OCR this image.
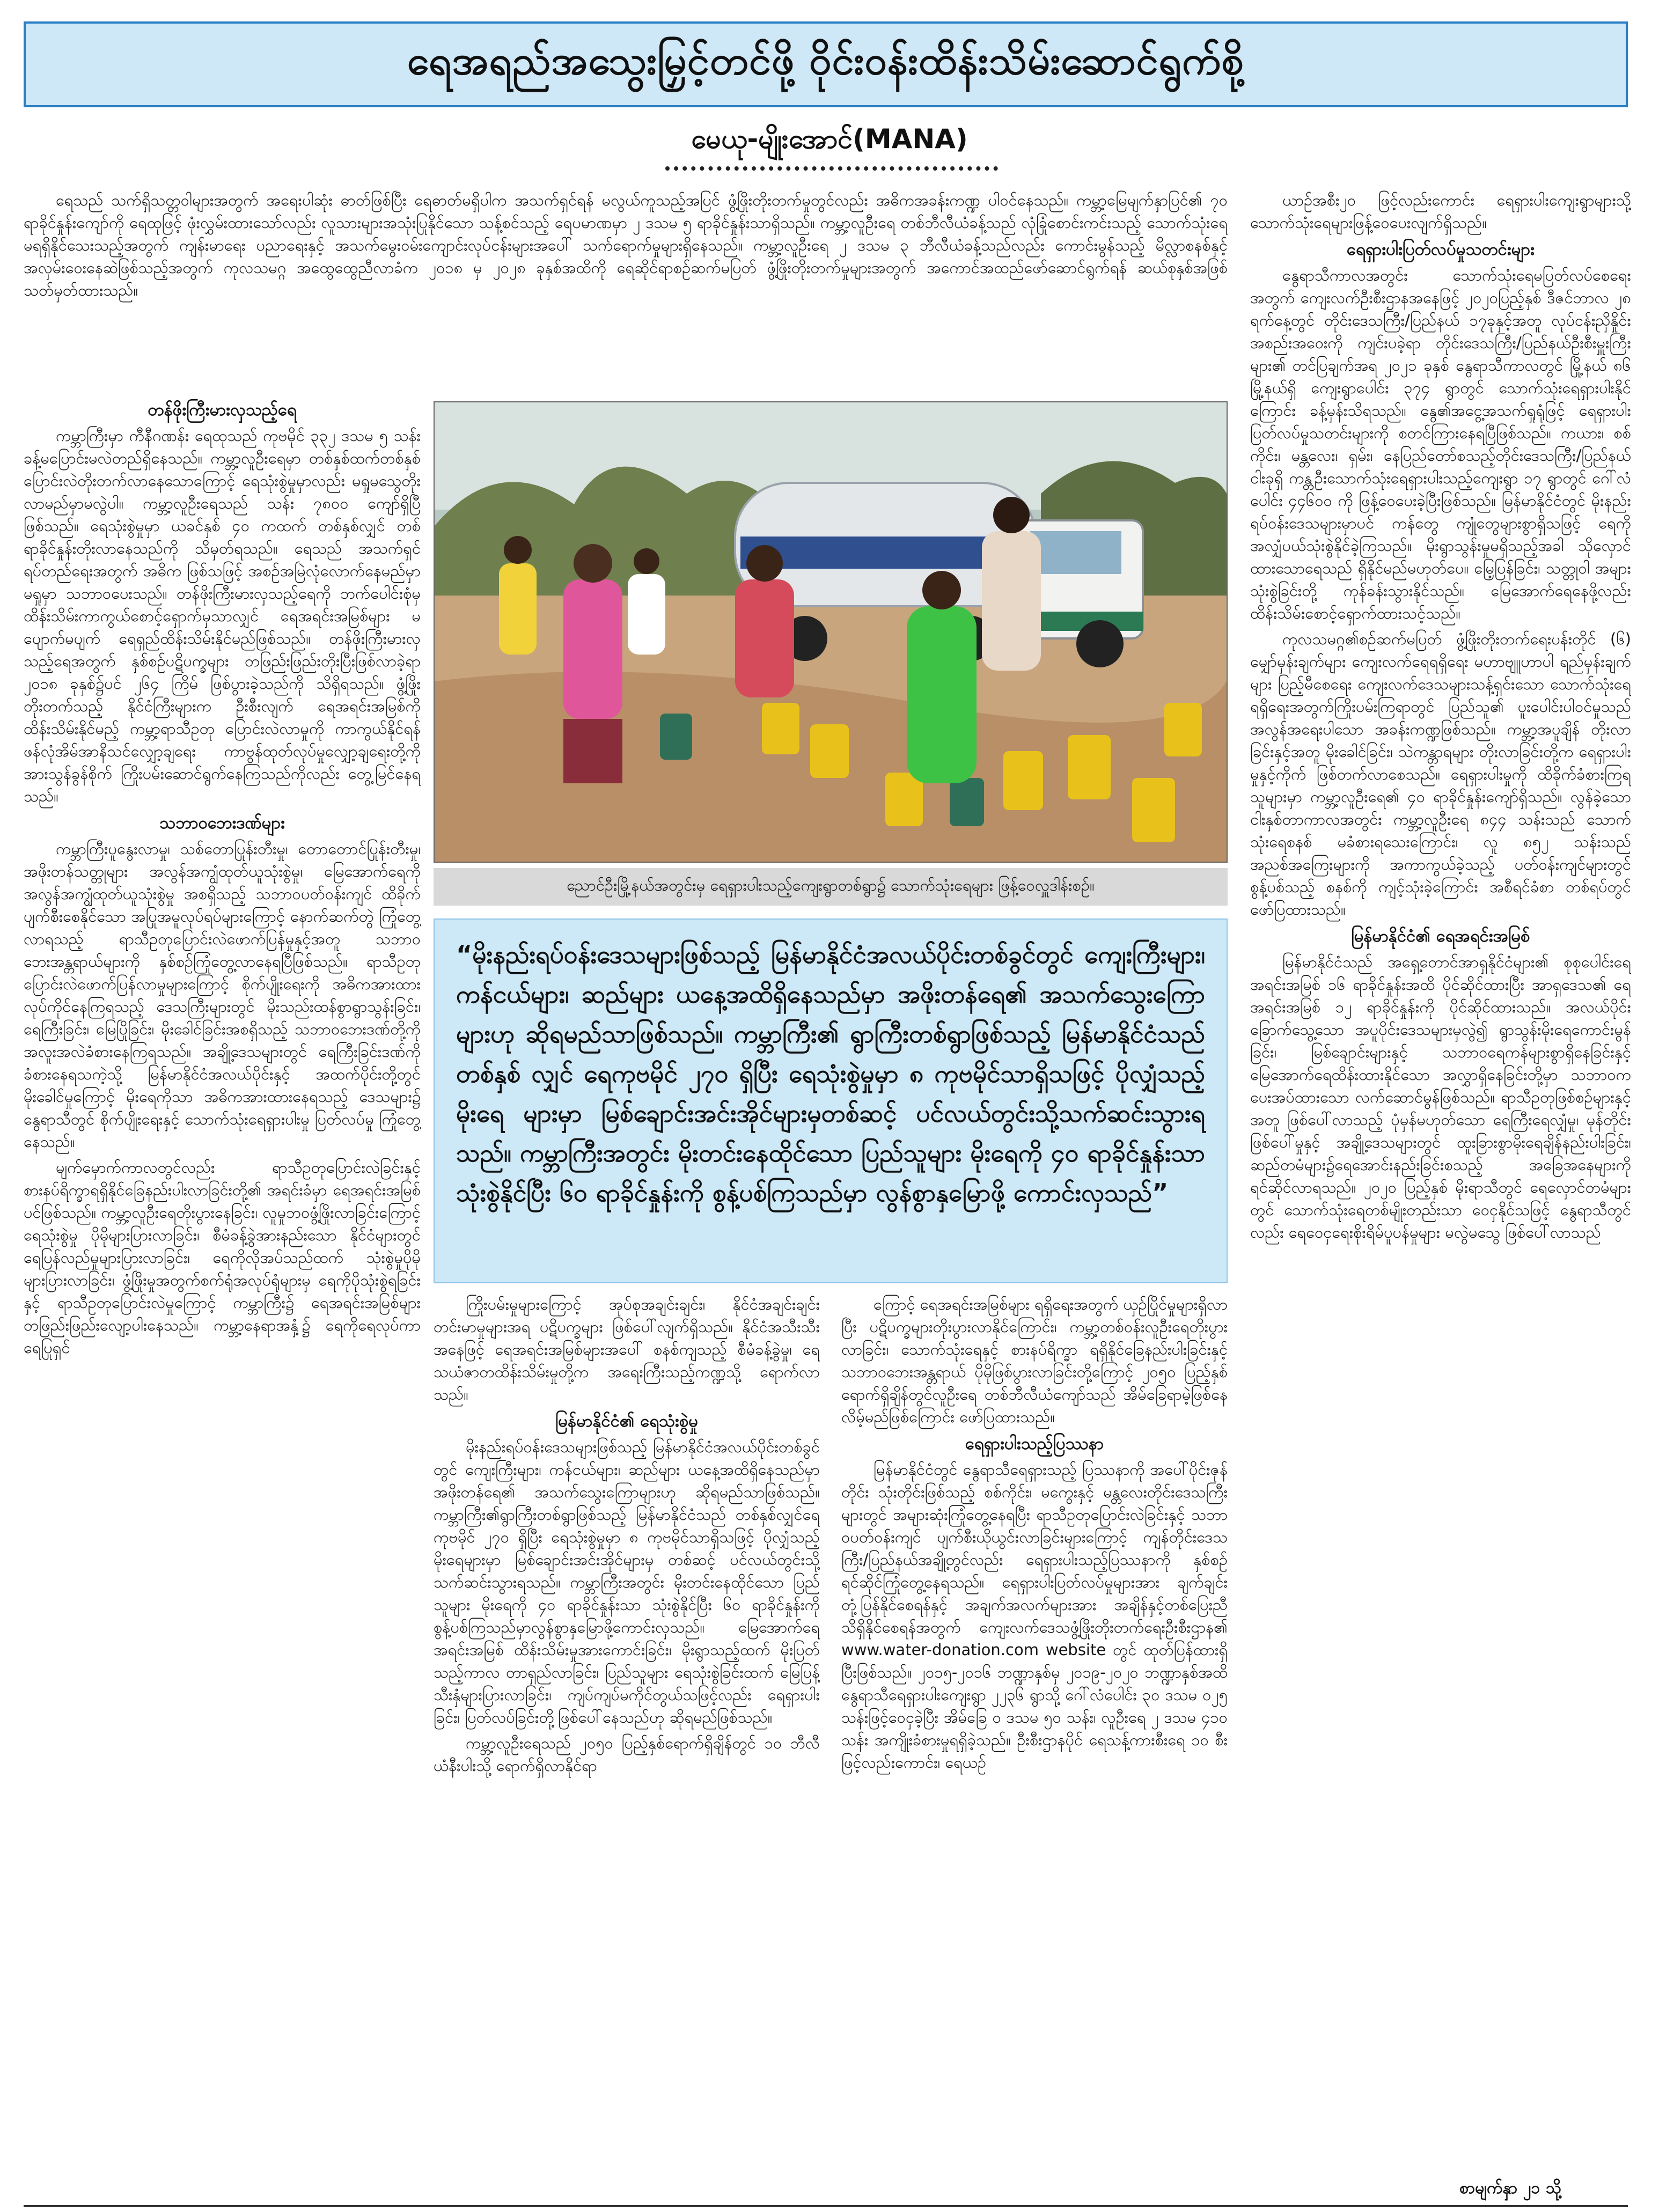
ရေအရည်အသွေးမြှင့်တင်ဖို့ ဝိုင်းဝန်းထိန်းသိမ်းဆောင်ရွက်စို့
မေယု-မျိုးအောင်(MANA)

ရေသည် သက်ရှိသတ္တဝါများအတွက် အရေးပါဆုံး ဓာတ်ဖြစ်ပြီး ရေဓာတ်မရှိပါက အသက်ရှင်ရန် မလွယ်ကူသည့်အပြင် ဖွံ့ဖြိုးတိုးတက်မှုတွင်လည်း အဓိကအခန်းကဏ္ဍ ပါဝင်နေသည်။ ကမ္ဘာ့မြေမျက်နှာပြင်၏ ၇၀ ရာခိုင်နှုန်းကျော်ကို ရေထုဖြင့် ဖုံးလွှမ်းထားသော်လည်း လူသားများအသုံးပြုနိုင်သော သန့်စင်သည့် ရေပမာဏမှာ ၂ ဒသမ ၅ ရာခိုင်နှုန်းသာရှိသည်။ ကမ္ဘာ့လူဦးရေ တစ်ဘီလီယံခန့်သည် လုံခြုံစောင်းကင်းသည့် သောက်သုံးရေ မရရှိနိုင်သေးသည့်အတွက် ကျန်းမာရေး ပညာရေးနှင့် အသက်မွေးဝမ်းကျောင်းလုပ်ငန်းများအပေါ် သက်ရောက်မှုများရှိနေသည်။ ကမ္ဘာ့လူဦးရေ ၂ ဒသမ ၃ ဘီလီယံခန့်သည်လည်း ကောင်းမွန်သည့် မိလ္လာစနစ်နှင့် အလှမ်းဝေးနေဆဲဖြစ်သည့်အတွက် ကုလသမဂ္ဂ အထွေထွေညီလာခံက ၂၀၁၈ မှ ၂၀၂၈ ခုနှစ်အထိကို ရေဆိုင်ရာစဉ်ဆက်မပြတ် ဖွံ့ဖြိုးတိုးတက်မှုများအတွက် အကောင်အထည်ဖော်ဆောင်ရွက်ရန် ဆယ်စုနှစ်အဖြစ် သတ်မှတ်ထားသည်။

တန်ဖိုးကြီးမားလှသည့်ရေ

ကမ္ဘာကြီးမှာ ကီနီဂဏန်း ရေထုသည် ကုဗမိုင် ၃၃၂ ဒသမ ၅ သန်း ခန့်မပြောင်းမလဲတည်ရှိနေသည်။ ကမ္ဘာ့လူဦးရေမှာ တစ်နှစ်ထက်တစ်နှစ် ပြောင်းလဲတိုးတက်လာနေသောကြောင့် ရေသုံးစွဲမှုမှာလည်း မရှုမသွေတိုးလာမည်မှာမလွဲပါ။ ကမ္ဘာ့လူဦးရေသည် သန်း ၇၈၀၀ ကျော်ရှိပြီ ဖြစ်သည်။ ရေသုံးစွဲမှုမှာ ယခင်နှစ် ၄၀ ကထက် တစ်နှစ်လျှင် တစ်ရာခိုင်နှုန်းတိုးလာနေသည်ကို သိမှတ်ရသည်။ ရေသည် အသက်ရှင်ရပ်တည်ရေးအတွက် အဓိက ဖြစ်သဖြင့် အစဉ်အမြဲလုံလောက်နေမည်မှာ မရှုမှာ သဘာဝပေးသည်။ တန်ဖိုးကြီးမားလှသည့်ရေကို ဘက်ပေါင်းစုံမှ ထိန်းသိမ်းကာကွယ်စောင့်ရှောက်မှသာလျှင် ရေအရင်းအမြစ်များ မပျောက်မပျက် ရေရှည်ထိန်းသိမ်းနိုင်မည်ဖြစ်သည်။ တန်ဖိုးကြီးမားလှသည့်ရေအတွက် နှစ်စဉ်ပဋိပက္ခများ တဖြည်းဖြည်းတိုးပြီးဖြစ်လာခဲ့ရာ ၂၀၁၈ ခုနှစ်၌ပင် ၂၆၄ ကြိမ် ဖြစ်ပွားခဲ့သည်ကို သိရှိရသည်။ ဖွံ့ဖြိုးတိုးတက်သည့် နိုင်ငံကြီးများက ဦးစီးလျက် ရေအရင်းအမြစ်ကို ထိန်းသိမ်းနိုင်မည့် ကမ္ဘာ့ရာသီဥတု ပြောင်းလဲလာမှုကို ကာကွယ်နိုင်ရန် ဖန်လုံအိမ်အာနိသင်လျှော့ချရေး ကာဗွန်ထုတ်လုပ်မှုလျှော့ချရေးတို့ကို အားသွန်ခွန်စိုက် ကြိုးပမ်းဆောင်ရွက်နေကြသည်ကိုလည်း တွေ့မြင်နေရသည်။

သဘာဝဘေးဒဏ်များ

ကမ္ဘာကြီးပူနွေးလာမှု၊ သစ်တောပြုန်းတီးမှု၊ တောတောင်ပြုန်းတီးမှု၊ အဖိုးတန်သတ္တုများ အလွန်အကျွံထုတ်ယူသုံးစွဲမှု၊ မြေအောက်ရေကို အလွန်အကျွံထုတ်ယူသုံးစွဲမှု အစရှိသည့် သဘာဝပတ်ဝန်းကျင် ထိခိုက်ပျက်စီးစေနိုင်သော အပြုအမူလုပ်ရပ်များကြောင့် နောက်ဆက်တွဲ ကြုံတွေ့လာရသည့် ရာသီဥတုပြောင်းလဲဖောက်ပြန်မှုနှင့်အတူ သဘာဝဘေးအန္တရာယ်များကို နှစ်စဉ်ကြုံတွေ့လာနေရပြီဖြစ်သည်။ ရာသီဥတုပြောင်းလဲဖောက်ပြန်လာမှုများကြောင့် စိုက်ပျိုးရေးကို အဓိကအားထား လုပ်ကိုင်နေကြရသည့် ဒေသကြီးများတွင် မိုးသည်းထန်စွာရွာသွန်းခြင်း၊ ရေကြီးခြင်း၊ မြေပြိုခြင်း၊ မိုးခေါင်ခြင်းအစရှိသည့် သဘာဝဘေးဒဏ်တို့ကို အလူးအလဲခံစားနေကြရသည်။ အချို့ဒေသများတွင် ရေကြီးခြင်းဒဏ်ကို ခံစားနေရသကဲ့သို့ မြန်မာနိုင်ငံအလယ်ပိုင်းနှင့် အထက်ပိုင်းတို့တွင် မိုးခေါင်မှုကြောင့် မိုးရေကိုသာ အဓိကအားထားနေရသည့် ဒေသများ၌ နွေရာသီတွင် စိုက်ပျိုးရေးနှင့် သောက်သုံးရေရှားပါးမှု ပြတ်လပ်မှု ကြုံတွေ့နေသည်။

မျက်မှောက်ကာလတွင်လည်း ရာသီဥတုပြောင်းလဲခြင်းနှင့် စားနပ်ရိက္ခာရရှိနိုင်ခြေနည်းပါးလာခြင်းတို့၏ အရင်းခံမှာ ရေအရင်းအမြစ်ပင်ဖြစ်သည်။ ကမ္ဘာ့လူဦးရေတိုးပွားနေခြင်း၊ လူမှုဘဝဖွံ့ဖြိုးလာခြင်းကြောင့် ရေသုံးစွဲမှု ပိုမိုများပြားလာခြင်း၊ စီမံခန့်ခွဲအားနည်းသော နိုင်ငံများတွင်ရေပြန်လည်မှုများပြားလာခြင်း၊ ရေကိုလိုအပ်သည်ထက် သုံးစွဲမှုပိုမိုများပြားလာခြင်း၊ ဖွံ့ဖြိုးမှုအတွက်စက်ရုံအလုပ်ရုံများမှ ရေကိုပိုသုံးစွဲရခြင်းနှင့် ရာသီဥတုပြောင်းလဲမှုကြောင့် ကမ္ဘာကြီး၌ ရေအရင်းအမြစ်များ တဖြည်းဖြည်းလျော့ပါးနေသည်။ ကမ္ဘာ့နေရာအနှံ့၌ ရေကိုရေလုပ်ကာ ရေပြုရှင်

ညောင်ဦးမြို့နယ်အတွင်းမှ ရေရှားပါးသည့်ကျေးရွာတစ်ရွာ၌ သောက်သုံးရေများ ဖြန့်ဝေလှူဒါန်းစဉ်။
“မိုးနည်းရပ်ဝန်းဒေသများဖြစ်သည့် မြန်မာနိုင်ငံအလယ်ပိုင်းတစ်ခွင်တွင် ကျေးကြီးများ၊ ကန်ငယ်များ၊ ဆည်များ ယနေ့အထိရှိနေသည်မှာ အဖိုးတန်ရေ၏ အသက်သွေးကြောများဟု ဆိုရမည်သာဖြစ်သည်။ ကမ္ဘာကြီး၏ ရွာကြီးတစ်ရွာဖြစ်သည့် မြန်မာနိုင်ငံသည် တစ်နှစ် လျှင် ရေကုဗမိုင် ၂၇၀ ရှိပြီး ရေသုံးစွဲမှုမှာ ၈ ကုဗမိုင်သာရှိသဖြင့် ပိုလျှံသည့် မိုးရေ များမှာ မြစ်ချောင်းအင်းအိုင်များမှတစ်ဆင့် ပင်လယ်တွင်းသို့သက်ဆင်းသွားရသည်။ ကမ္ဘာကြီးအတွင်း မိုးတင်းနေထိုင်သော ပြည်သူများ မိုးရေကို ၄၀ ရာခိုင်နှုန်းသာ သုံးစွဲနိုင်ပြီး ၆၀ ရာခိုင်နှုန်းကို စွန့်ပစ်ကြသည်မှာ လွန်စွာနှမြောဖို့ ကောင်းလှသည်”

ကြိုးပမ်းမှုများကြောင့် အုပ်စုအချင်းချင်း၊ နိုင်ငံအချင်းချင်းတင်းမာမှုများအရ ပဋိပက္ခများ ဖြစ်ပေါ်လျက်ရှိသည်။ နိုင်ငံအသီးသီးအနေဖြင့် ရေအရင်းအမြစ်များအပေါ် စနစ်ကျသည့် စီမံခန့်ခွဲမှု၊ ရေသယံဇာတထိန်းသိမ်းမှုတို့က အရေးကြီးသည့်ကဏ္ဍသို့ ရောက်လာသည်။

မြန်မာနိုင်ငံ၏ ရေသုံးစွဲမှု

မိုးနည်းရပ်ဝန်းဒေသများဖြစ်သည့် မြန်မာနိုင်ငံအလယ်ပိုင်းတစ်ခွင်တွင် ကျေးကြီးများ၊ ကန်ငယ်များ၊ ဆည်များ ယနေ့အထိရှိနေသည်မှာ အဖိုးတန်ရေ၏ အသက်သွေးကြောများဟု ဆိုရမည်သာဖြစ်သည်။ ကမ္ဘာကြီး၏ရွာကြီးတစ်ရွာဖြစ်သည့် မြန်မာနိုင်ငံသည် တစ်နှစ်လျှင်ရေကုဗမိုင် ၂၇၀ ရှိပြီး ရေသုံးစွဲမှုမှာ ၈ ကုဗမိုင်သာရှိသဖြင့် ပိုလျှံသည့် မိုးရေများမှာ မြစ်ချောင်းအင်းအိုင်များမှ တစ်ဆင့် ပင်လယ်တွင်းသို့သက်ဆင်းသွားရသည်။ ကမ္ဘာကြီးအတွင်း မိုးတင်းနေထိုင်သော ပြည်သူများ မိုးရေကို ၄၀ ရာခိုင်နှုန်းသာ သုံးစွဲနိုင်ပြီး ၆၀ ရာခိုင်နှုန်းကို စွန့်ပစ်ကြသည်မှာလွန်စွာနှမြောဖို့ကောင်းလှသည်။ မြေအောက်ရေအရင်းအမြစ် ထိန်းသိမ်းမှုအားကောင်းခြင်း၊ မိုးရွာသည့်ထက် မိုးပြတ်သည့်ကာလ တာရှည်လာခြင်း၊ ပြည်သူများ ရေသုံးစွဲခြင်းထက် မြေပြန့်သီးနှံများပြားလာခြင်း၊ ကျပ်ကျပ်မကိုင်တွယ်သဖြင့်လည်း ရေရှားပါးခြင်း၊ ပြတ်လပ်ခြင်းတို့ဖြစ်ပေါ်နေသည်ဟု ဆိုရမည်ဖြစ်သည်။

ကမ္ဘာ့လူဦးရေသည် ၂၀၅၀ ပြည့်နှစ်ရောက်ရှိချိန်တွင် ၁၀ ဘီလီယံနီးပါးသို့ ရောက်ရှိလာနိုင်ရာ

ကြောင့် ရေအရင်းအမြစ်များ ရရှိရေးအတွက် ယှဉ်ပြိုင်မှုများရှိလာပြီး ပဋိပက္ခများတိုးပွားလာနိုင်ကြောင်း၊ ကမ္ဘာ့တစ်ဝန်းလူဦးရေတိုးပွားလာခြင်း၊ သောက်သုံးရေနှင့် စားနပ်ရိက္ခာ ရရှိနိုင်ခြေနည်းပါးခြင်းနှင့် သဘာဝဘေးအန္တရာယ် ပိုမိုဖြစ်ပွားလာခြင်းတို့ကြောင့် ၂၀၅၀ ပြည့်နှစ် ရောက်ရှိချိန်တွင်လူဦးရေ တစ်ဘီလီယံကျော်သည် အိမ်ခြေရာမဲ့ဖြစ်နေလိမ့်မည်ဖြစ်ကြောင်း ဖော်ပြထားသည်။

ရေရှားပါးသည့်ပြဿနာ

မြန်မာနိုင်ငံတွင် နွေရာသီရေရှားသည့် ပြဿနာကို အပေါ်ပိုင်းဇုန်တိုင်း သုံးတိုင်းဖြစ်သည့် စစ်ကိုင်း၊ မကွေးနှင့် မန္တလေးတိုင်းဒေသကြီးများတွင် အများဆုံးကြုံတွေ့နေရပြီး ရာသီဥတုပြောင်းလဲခြင်းနှင့် သဘာဝပတ်ဝန်းကျင် ပျက်စီးယိုယွင်းလာခြင်းများကြောင့် ကျန်တိုင်းဒေသကြီး/ပြည်နယ်အချို့တွင်လည်း ရေရှားပါးသည့်ပြဿနာကို နှစ်စဉ်ရင်ဆိုင်ကြုံတွေ့နေရသည်။ ရေရှားပါးပြတ်လပ်မှုများအား ချက်ချင်းတုံ့ပြန်နိုင်စေရန်နှင့် အချက်အလက်များအား အချိန်နှင့်တစ်ပြေးညီ သိရှိနိုင်စေရန်အတွက် ကျေးလက်ဒေသဖွံ့ဖြိုးတိုးတက်ရေးဦးစီးဌာန၏ www.water-donation.com website တွင် ထုတ်ပြန်ထားရှိပြီးဖြစ်သည်။ ၂၀၁၅-၂၀၁၆ ဘဏ္ဍာနှစ်မှ ၂၀၁၉-၂၀၂၀ ဘဏ္ဍာနှစ်အထိ နွေရာသီရေရှားပါးကျေးရွာ ၂၂၃၆ ရွာသို့ ဂေါ်လံပေါင်း ၃၀ ဒသမ ၀၂၅ သန်းဖြင့်ဝေငှခဲ့ပြီး အိမ်ခြေ ၀ ဒသမ ၅၀ သန်း၊ လူဦးရေ ၂ ဒသမ ၄၁၀ သန်း အကျိုးခံစားမှုရရှိခဲ့သည်။ ဦးစီးဌာနပိုင် ရေသန့်ကားစီးရေ ၁၀ စီးဖြင့်လည်းကောင်း၊ ရေယဉ်

ယာဉ်အစီး၂၀ ဖြင့်လည်းကောင်း ရေရှားပါးကျေးရွာများသို့ သောက်သုံးရေများဖြန့်ဝေပေးလျက်ရှိသည်။

ရေရှားပါးပြတ်လပ်မှုသတင်းများ

နွေရာသီကာလအတွင်း သောက်သုံးရေမပြတ်လပ်စေရေးအတွက် ကျေးလက်ဦးစီးဌာနအနေဖြင့် ၂၀၂၀ပြည့်နှစ် ဒီဇင်ဘာလ ၂၈ ရက်နေ့တွင် တိုင်းဒေသကြီး/ပြည်နယ် ၁၇ခုနှင့်အတူ လုပ်ငန်းညှိနှိုင်းအစည်းအဝေးကို ကျင်းပခဲ့ရာ တိုင်းဒေသကြီး/ပြည်နယ်ဦးစီးမှူးကြီးများ၏ တင်ပြချက်အရ ၂၀၂၁ ခုနှစ် နွေရာသီကာလတွင် မြို့နယ် ၈၆ မြို့နယ်ရှိ ကျေးရွာပေါင်း ၃၇၄ ရွာတွင် သောက်သုံးရေရှားပါးနိုင်ကြောင်း ခန့်မှန်းသိရသည်။ နွေ၏အငွေ့အသက်ရှုရုံဖြင့် ရေရှားပါးပြတ်လပ်မှုသတင်းများကို စတင်ကြားနေရပြီဖြစ်သည်။ ကယား၊ စစ်ကိုင်း၊ မန္တလေး၊ ရှမ်း၊ နေပြည်တော်စသည့်တိုင်းဒေသကြီး/ပြည်နယ်ငါးခုရှိ ကန္တဦးသောက်သုံးရေရှားပါးသည့်ကျေးရွာ ၁၇ ရွာတွင် ဂေါ်လံပေါင်း ၄၄၆၀၀ ကို ဖြန့်ဝေပေးခဲ့ပြီးဖြစ်သည်။ မြန်မာနိုင်ငံတွင် မိုးနည်းရပ်ဝန်းဒေသများမှာပင် ကန်တွေ ကျုံတွေများစွာရှိသဖြင့် ရေကိုအလျှံပယ်သုံးစွဲနိုင်ခဲ့ကြသည်။ မိုးရွာသွန်းမှုမရှိသည့်အခါ သိုလှောင်ထားသောရေသည် ရှိနိုင်မည်မဟုတ်ပေ။ မြေ့ပြန်ခြင်း၊ သတ္တုဝါ အများသုံးစွဲခြင်းတို့ ကုန်ခန်းသွားနိုင်သည်။ မြေအောက်ရေနေဖို့လည်း ထိန်းသိမ်းစောင့်ရှောက်ထားသင့်သည်။

ကုလသမဂ္ဂ၏စဉ်ဆက်မပြတ် ဖွံ့ဖြိုးတိုးတက်ရေးပန်းတိုင် (၆) မျှော်မှန်းချက်များ ကျေးလက်ရေရရှိရေး မဟာဗျူဟာပါ ရည်မှန်းချက်များ ပြည့်မီစေရေး ကျေးလက်ဒေသများသန့်ရှင်းသော သောက်သုံးရေရရှိရေးအတွက်ကြိုးပမ်းကြရာတွင် ပြည်သူ၏ ပူးပေါင်းပါဝင်မှုသည် အလွန်အရေးပါသော အခန်းကဏ္ဍဖြစ်သည်။ ကမ္ဘာ့အပူချိန် တိုးလာခြင်းနှင့်အတူ မိုးခေါင်ခြင်း၊ သဲကန္တာရများ တိုးလာခြင်းတို့က ရေရှားပါးမှုနှင့်ကိုက် ဖြစ်တက်လာစေသည်။ ရေရှားပါးမှုကို ထိခိုက်ခံစားကြရသူများမှာ ကမ္ဘာ့လူဦးရေ၏ ၄၀ ရာခိုင်နှုန်းကျော်ရှိသည်။ လွန်ခဲ့သော ငါးနှစ်တာကာလအတွင်း ကမ္ဘာ့လူဦးရေ ၈၄၄ သန်းသည် သောက်သုံးရေစနစ် မခံစားရသေးကြောင်း၊ လူ ၈၅၂ သန်းသည် အညစ်အကြေးများကို အကာကွယ်ခဲ့သည့် ပတ်ဝန်းကျင်များတွင် စွန့်ပစ်သည့် စနစ်ကို ကျင့်သုံးခဲ့ကြောင်း အစီရင်ခံစာ တစ်ရပ်တွင် ဖော်ပြထားသည်။

မြန်မာနိုင်ငံ၏ ရေအရင်းအမြစ်

မြန်မာနိုင်ငံသည် အရှေ့တောင်အာရှနိုင်ငံများ၏ စုစုပေါင်းရေအရင်းအမြစ် ၁၆ ရာခိုင်နှုန်းအထိ ပိုင်ဆိုင်ထားပြီး အာရှဒေသ၏ ရေအရင်းအမြစ် ၁၂ ရာခိုင်နှုန်းကို ပိုင်ဆိုင်ထားသည်။ အလယ်ပိုင်းခြောက်သွေ့သော အပူပိုင်းဒေသများမှလွဲ၍ ရွာသွန်းမိုးရေကောင်းမွန်ခြင်း၊ မြစ်ချောင်းများနှင့် သဘာဝရေကန်များစွာရှိနေခြင်းနှင့် မြေအောက်ရေထိန်းထားနိုင်သော အလွှာရှိနေခြင်းတို့မှာ သဘာဝက ပေးအပ်ထားသော လက်ဆောင်မွန်ဖြစ်သည်။ ရာသီဥတုဖြစ်စဉ်များနှင့်အတူ ဖြစ်ပေါ်လာသည့် ပုံမှန်မဟုတ်သော ရေကြီးရေလျှံမှု၊ မုန်တိုင်းဖြစ်ပေါ်မှုနှင့် အချို့ဒေသများတွင် ထူးခြားစွာမိုးရေချိန်နည်းပါးခြင်း၊ ဆည်တမံများ၌ရေအောင်းနည်းခြင်းစသည့် အခြေအနေများကို ရင်ဆိုင်လာရသည်။ ၂၀၂၀ ပြည့်နှစ် မိုးရာသီတွင် ရေလှောင်တမံများတွင် သောက်သုံးရေတစ်မျိုးတည်းသာ ဝေငှနိုင်သဖြင့် နွေရာသီတွင်လည်း ရေဝေငှရေးစိုးရိမ်ပူပန်မှုများ မလွဲမသွေ ဖြစ်ပေါ်လာသည်

စာမျက်နှာ ၂၁ သို့
